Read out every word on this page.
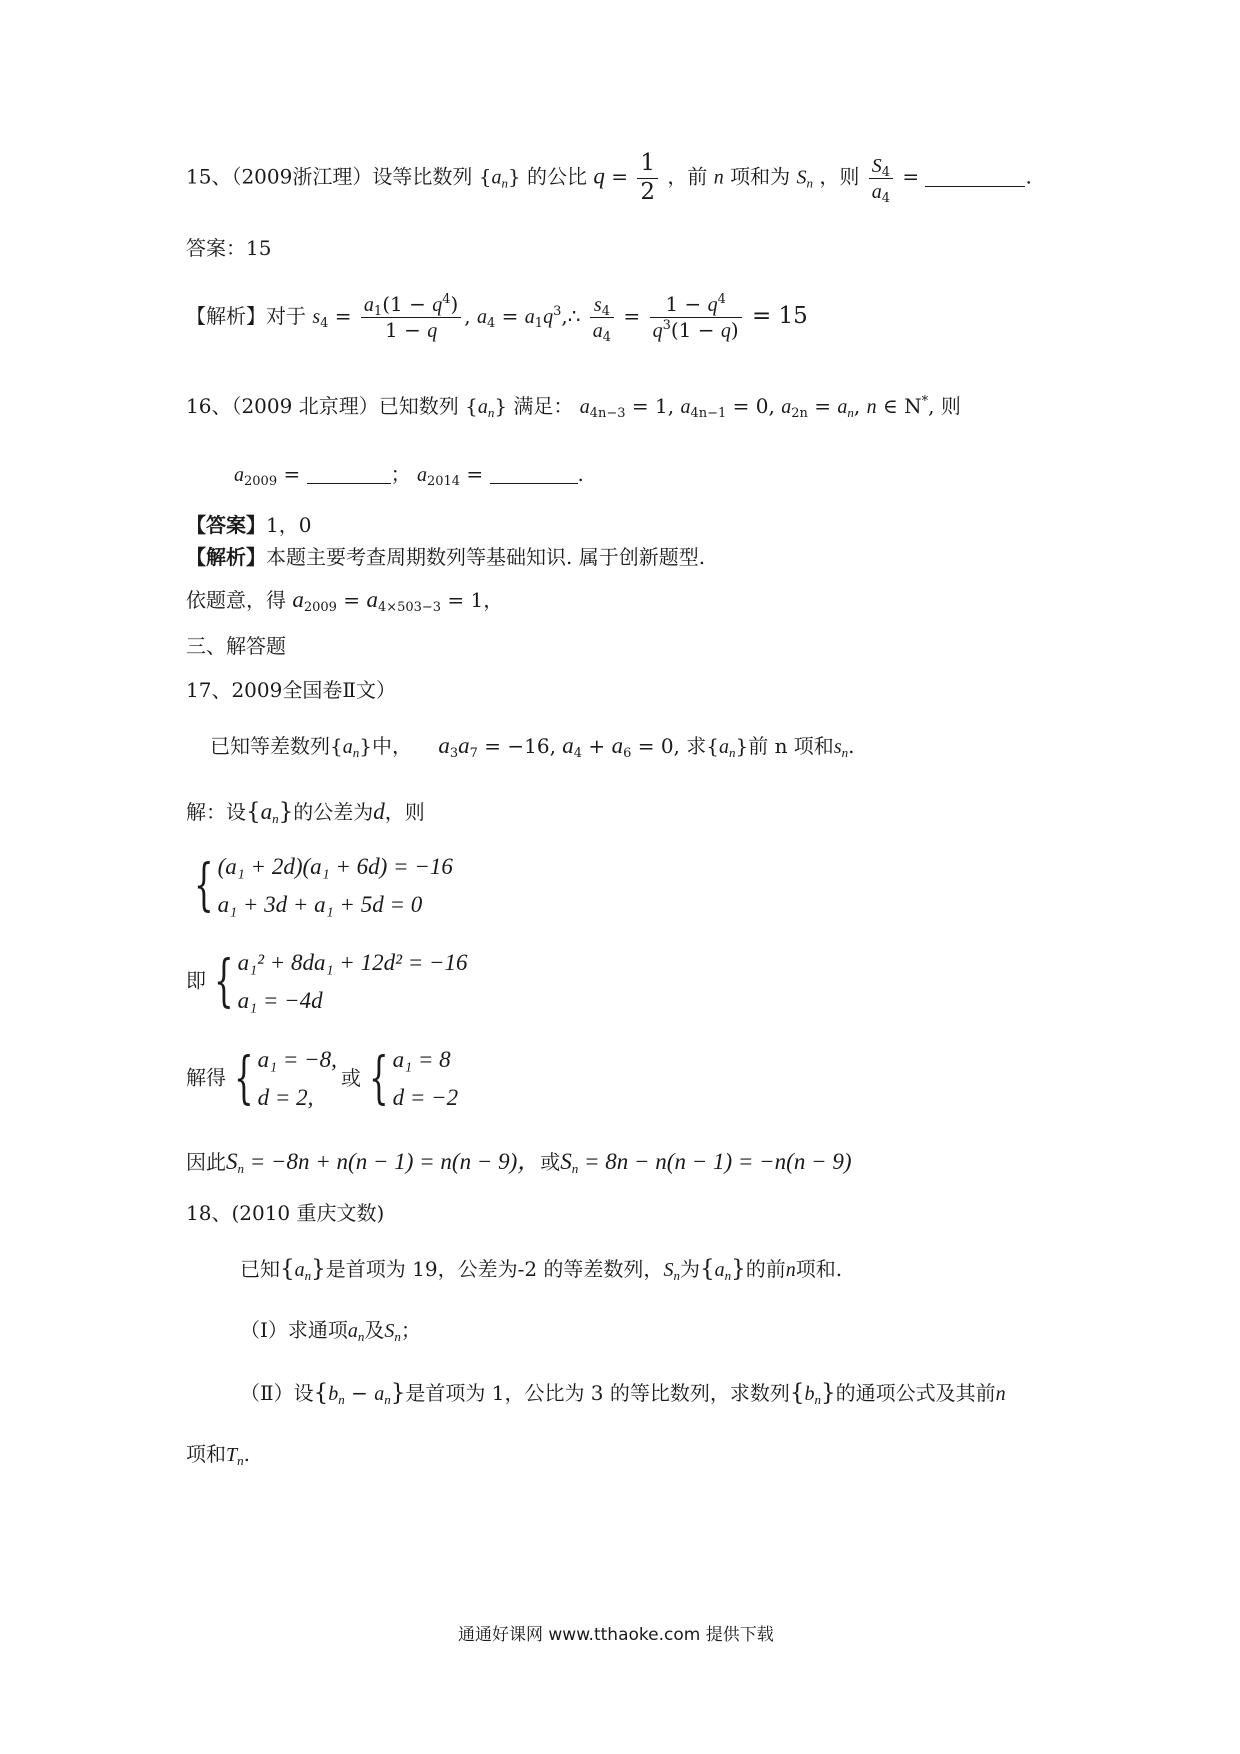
15、（2009浙江理）设等比数列 $\{a_n\}$ 的公比 $q = \frac{1}{2}$ ，前 n 项和为 $S_n$ ，则 $\frac{S_4}{a_4}$ =	.
答案：15
【解析】对于 $s_4 = \frac{a_1(1 - q^4)}{1 - q}$ , $a_4$ = $a_1q^3,\therefore \frac{s_4}{a_4} = \frac{1 - q^4}{q^3(1 - q)} = 15$
16、（2009 北京理）已知数列 $\{a_n\}$ 满足： $a_{4n-3} = 1$, $a_{4n-1} = 0$, $a_{2n} = a_n$, n ∈ N*, 则
$a_{2009}$ =	； $a_{2014}$ =	.
【答案】1，0
【解析】本题主要考查周期数列等基础知识. 属于创新题型.
依题意，得 $a_{2009} = a_{4\times 503-3} = 1$，
三、解答题
17、2009全国卷Ⅱ文）
已知等差数列$\{a_n\}$中， $a_3a_7 = -16$, $a_4 + a_6 = 0$, 求$\{a_n\}$前 n 项和$s_n$.
解：设$\{a_n\}$的公差为d，则
{ (a₁ + 2d)(a₁ + 6d) = −16
a₁ + 3d + a₁ + 5d = 0
即 { a₁² + 8da₁ + 12d² = −16
a₁ = −4d
解得 { a₁ = −8,
d = 2,
或 { a₁ = 8
d = −2
因此$S_n = -8n + n(n - 1) = n(n - 9)$，或$S_n = 8n - n(n - 1) = -n(n - 9)$
18、(2010 重庆文数)
已知$\{a_n\}$是首项为 19，公差为-2 的等差数列，$S_n$为$\{a_n\}$的前n项和.
（Ⅰ）求通项$a_n$及$S_n$；
（Ⅱ）设$\{b_n - a_n\}$是首项为 1，公比为 3 的等比数列，求数列$\{b_n\}$的通项公式及其前n
项和$T_n$.
通通好课网 www.tthaoke.com 提供下载
